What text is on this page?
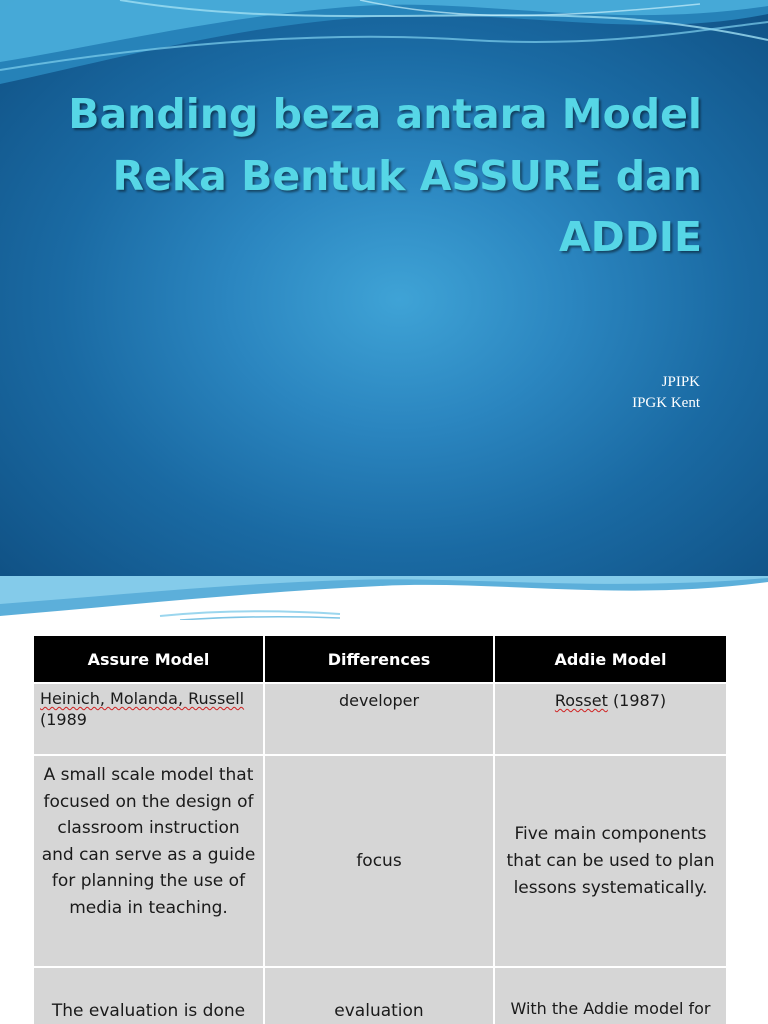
Banding beza antara Model
Reka Bentuk ASSURE dan
ADDIE
JPIPK
IPGK Kent
Assure Model	Differences	Addie Model

Heinich, Molanda, Russell
(1989	developer	Rosset (1987)

A small scale model that focused on the design of classroom instruction and can serve as a guide for planning the use of media in teaching.	focus	Five main components that can be used to plan lessons systematically.

The evaluation is done	evaluation	With the Addie model for
